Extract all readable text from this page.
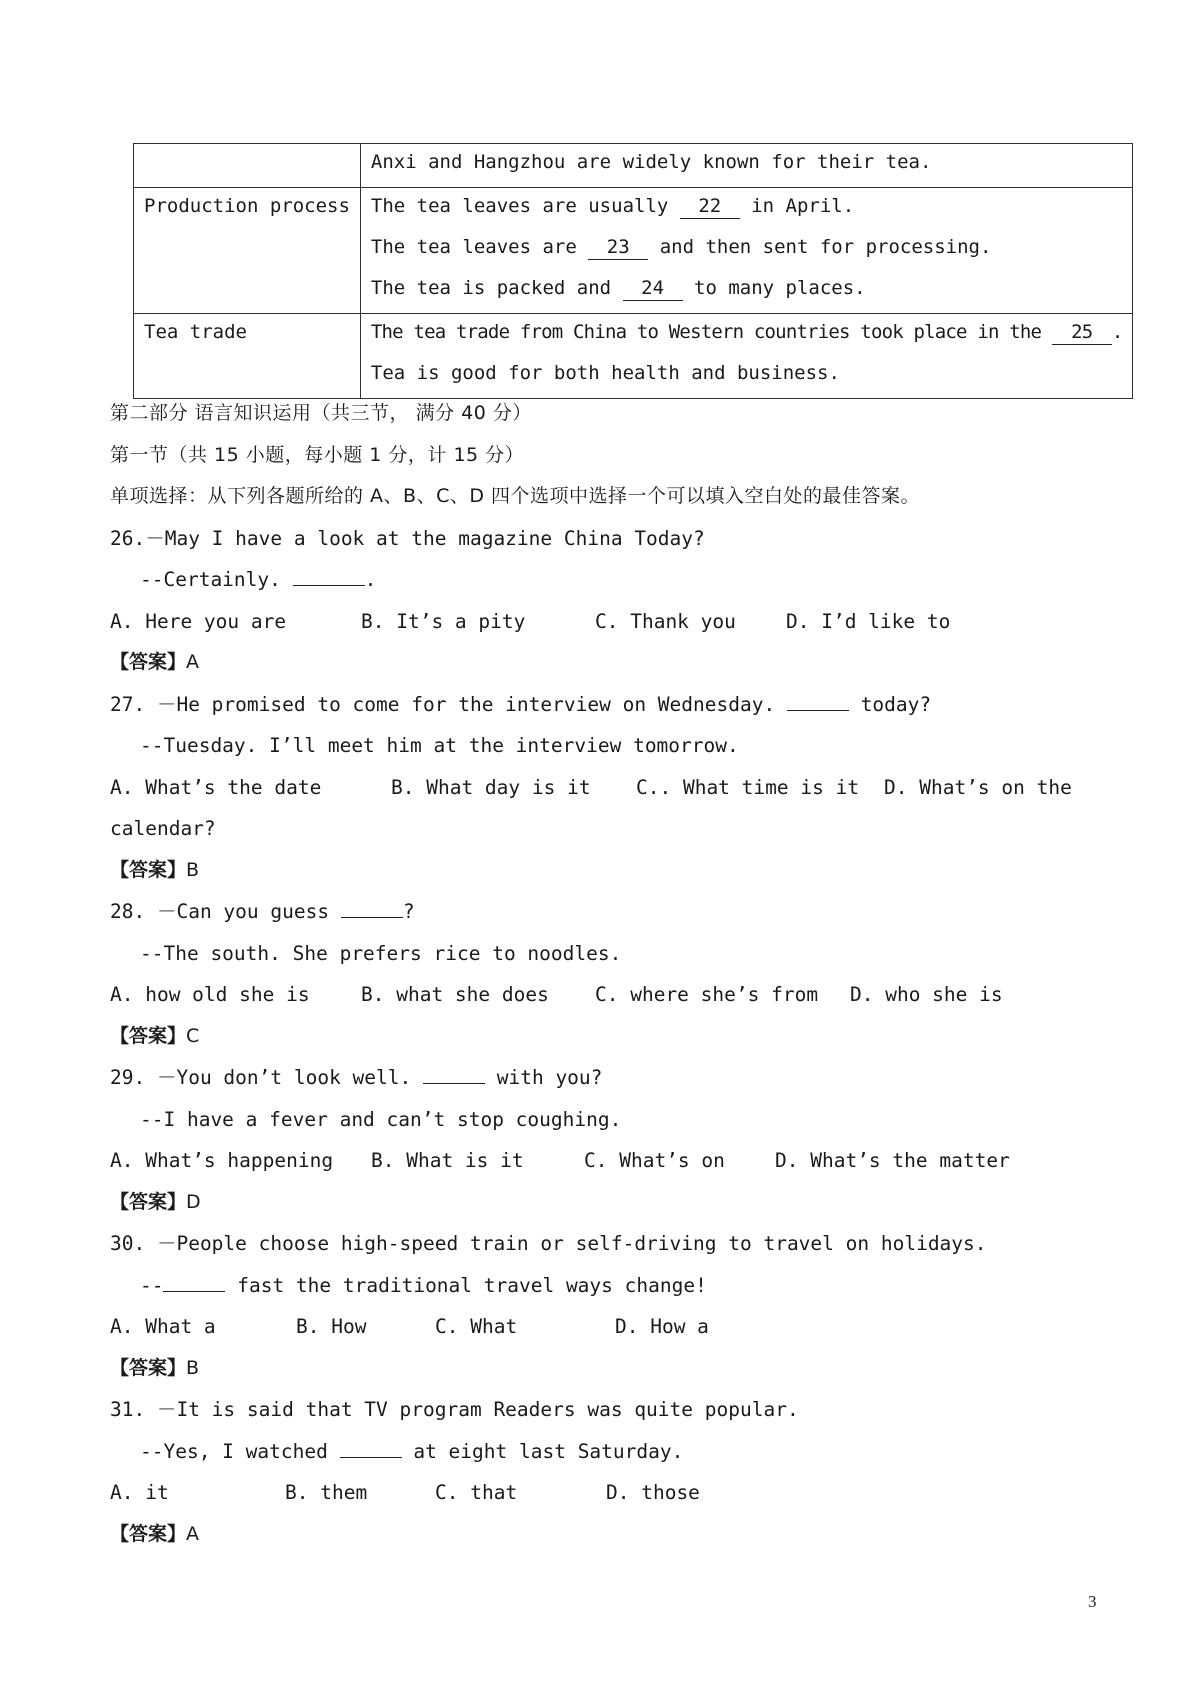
	Anxi and Hangzhou are widely known for their tea.

Production process	The tea leaves are usually 22 in April.
The tea leaves are 23 and then sent for processing.
The tea is packed and 24 to many places.

Tea trade	The tea trade from China to Western countries took place in the 25 .
Tea is good for both health and business.
第二部分 语言知识运用（共三节， 满分 40 分）
第一节（共 15 小题，每小题 1 分，计 15 分）
单项选择：从下列各题所给的 A、B、C、D 四个选项中选择一个可以填入空白处的最佳答案。
26.－May I have a look at the magazine China Today?
--Certainly.	.
A. Here you are	B. It’s a pity	C. Thank you	D. I’d like to
【答案】A
27. －He promised to come for the interview on Wednesday.	today?
--Tuesday. I’ll meet him at the interview tomorrow.
A. What’s the date	B. What day is it C.. What time is it D. What’s on the
calendar?
【答案】B
28. －Can you guess	?
--The south. She prefers rice to noodles.
A. how old she is	B. what she does C. where she’s from D. who she is
【答案】C
29. －You don’t look well.	with you?
--I have a fever and can’t stop coughing.
A. What’s happening B. What is it	C. What’s on	D. What’s the matter
【答案】D
30. －People choose high-speed train or self-driving to travel on holidays.
--	fast the traditional travel ways change!
A. What a	B. How	C. What	D. How a
【答案】B
31. －It is said that TV program Readers was quite popular.
--Yes, I watched	at eight last Saturday.
A. it	B. them	C. that	D. those
【答案】A
3
